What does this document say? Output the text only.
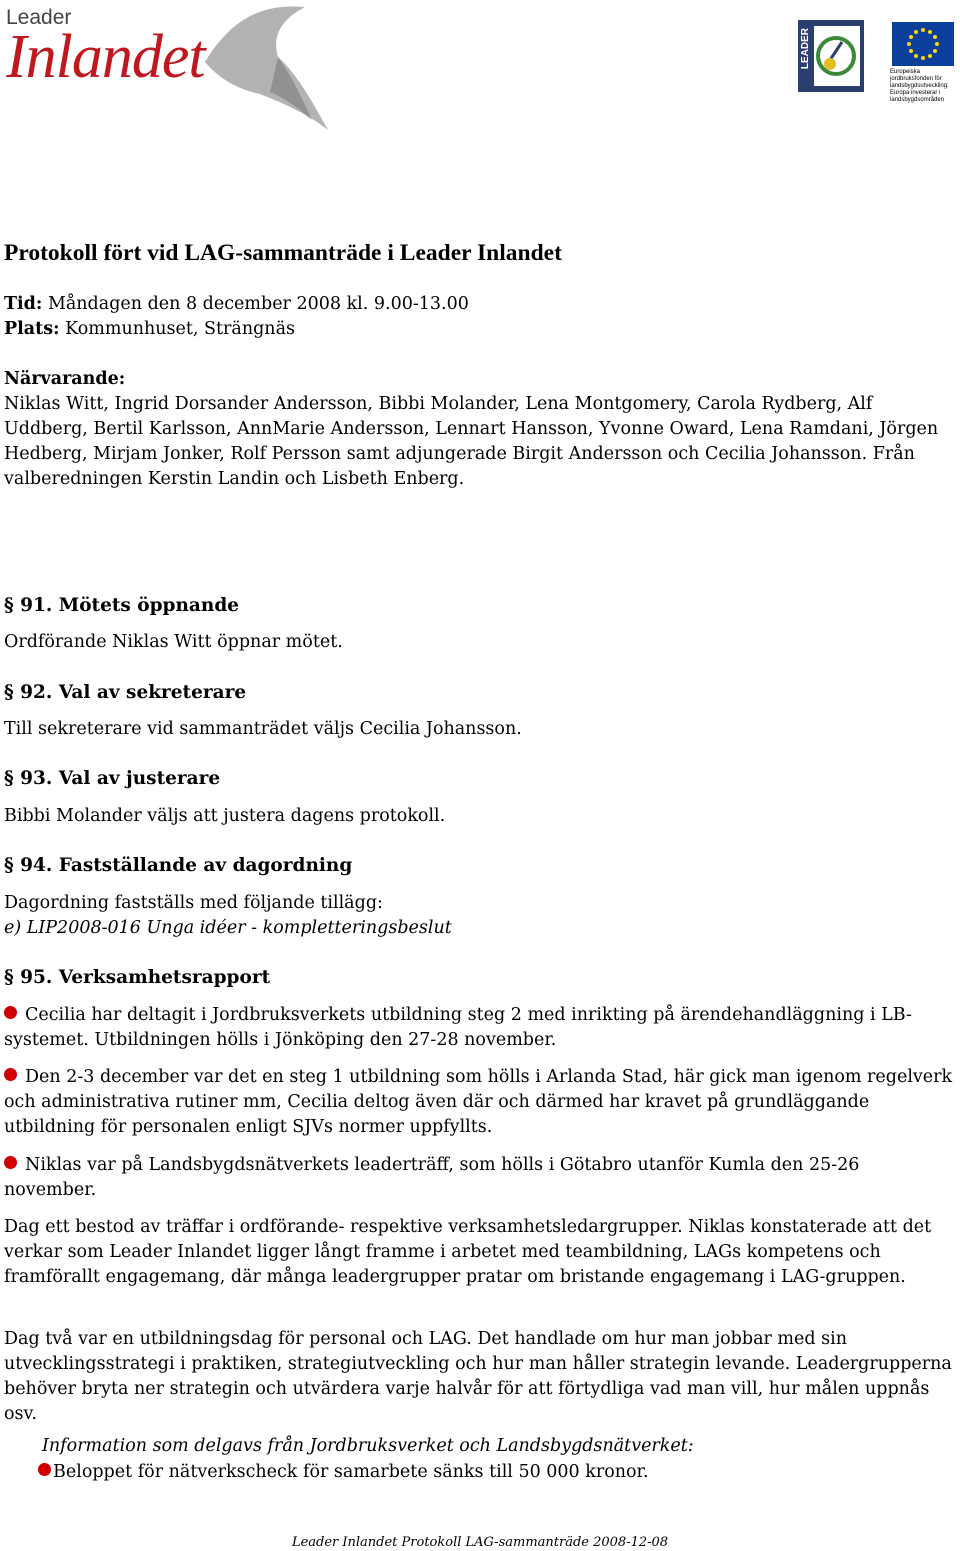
Leader
Inlandet	LEADER
Europeiska jordbruksfonden för landsbygdsutveckling: Europa investerar i landsbygdsområden
Protokoll fört vid LAG-sammanträde i Leader Inlandet
Tid: Måndagen den 8 december 2008 kl. 9.00-13.00
Plats: Kommunhuset, Strängnäs
Närvarande:
Niklas Witt, Ingrid Dorsander Andersson, Bibbi Molander, Lena Montgomery, Carola Rydberg, Alf Uddberg, Bertil Karlsson, AnnMarie Andersson, Lennart Hansson, Yvonne Oward, Lena Ramdani, Jörgen Hedberg, Mirjam Jonker, Rolf Persson samt adjungerade Birgit Andersson och Cecilia Johansson. Från valberedningen Kerstin Landin och Lisbeth Enberg.
§ 91. Mötets öppnande
Ordförande Niklas Witt öppnar mötet.
§ 92. Val av sekreterare
Till sekreterare vid sammanträdet väljs Cecilia Johansson.
§ 93. Val av justerare
Bibbi Molander väljs att justera dagens protokoll.
§ 94. Fastställande av dagordning
Dagordning fastställs med följande tillägg:
e) LIP2008-016 Unga idéer - kompletteringsbeslut
§ 95. Verksamhetsrapport
Cecilia har deltagit i Jordbruksverkets utbildning steg 2 med inrikting på ärendehandläggning i LB-systemet. Utbildningen hölls i Jönköping den 27-28 november.
Den 2-3 december var det en steg 1 utbildning som hölls i Arlanda Stad, här gick man igenom regelverk och administrativa rutiner mm, Cecilia deltog även där och därmed har kravet på grundläggande utbildning för personalen enligt SJVs normer uppfyllts.
Niklas var på Landsbygdsnätverkets leaderträff, som hölls i Götabro utanför Kumla den 25-26 november.
Dag ett bestod av träffar i ordförande- respektive verksamhetsledargrupper. Niklas konstaterade att det verkar som Leader Inlandet ligger långt framme i arbetet med teambildning, LAGs kompetens och framförallt engagemang, där många leadergrupper pratar om bristande engagemang i LAG-gruppen.
Dag två var en utbildningsdag för personal och LAG. Det handlade om hur man jobbar med sin utvecklingsstrategi i praktiken, strategiutveckling och hur man håller strategin levande. Leadergrupperna behöver bryta ner strategin och utvärdera varje halvår för att förtydliga vad man vill, hur målen uppnås osv.
Information som delgavs från Jordbruksverket och Landsbygdsnätverket:
Beloppet för nätverkscheck för samarbete sänks till 50 000 kronor.
Leader Inlandet Protokoll LAG-sammanträde 2008-12-08
